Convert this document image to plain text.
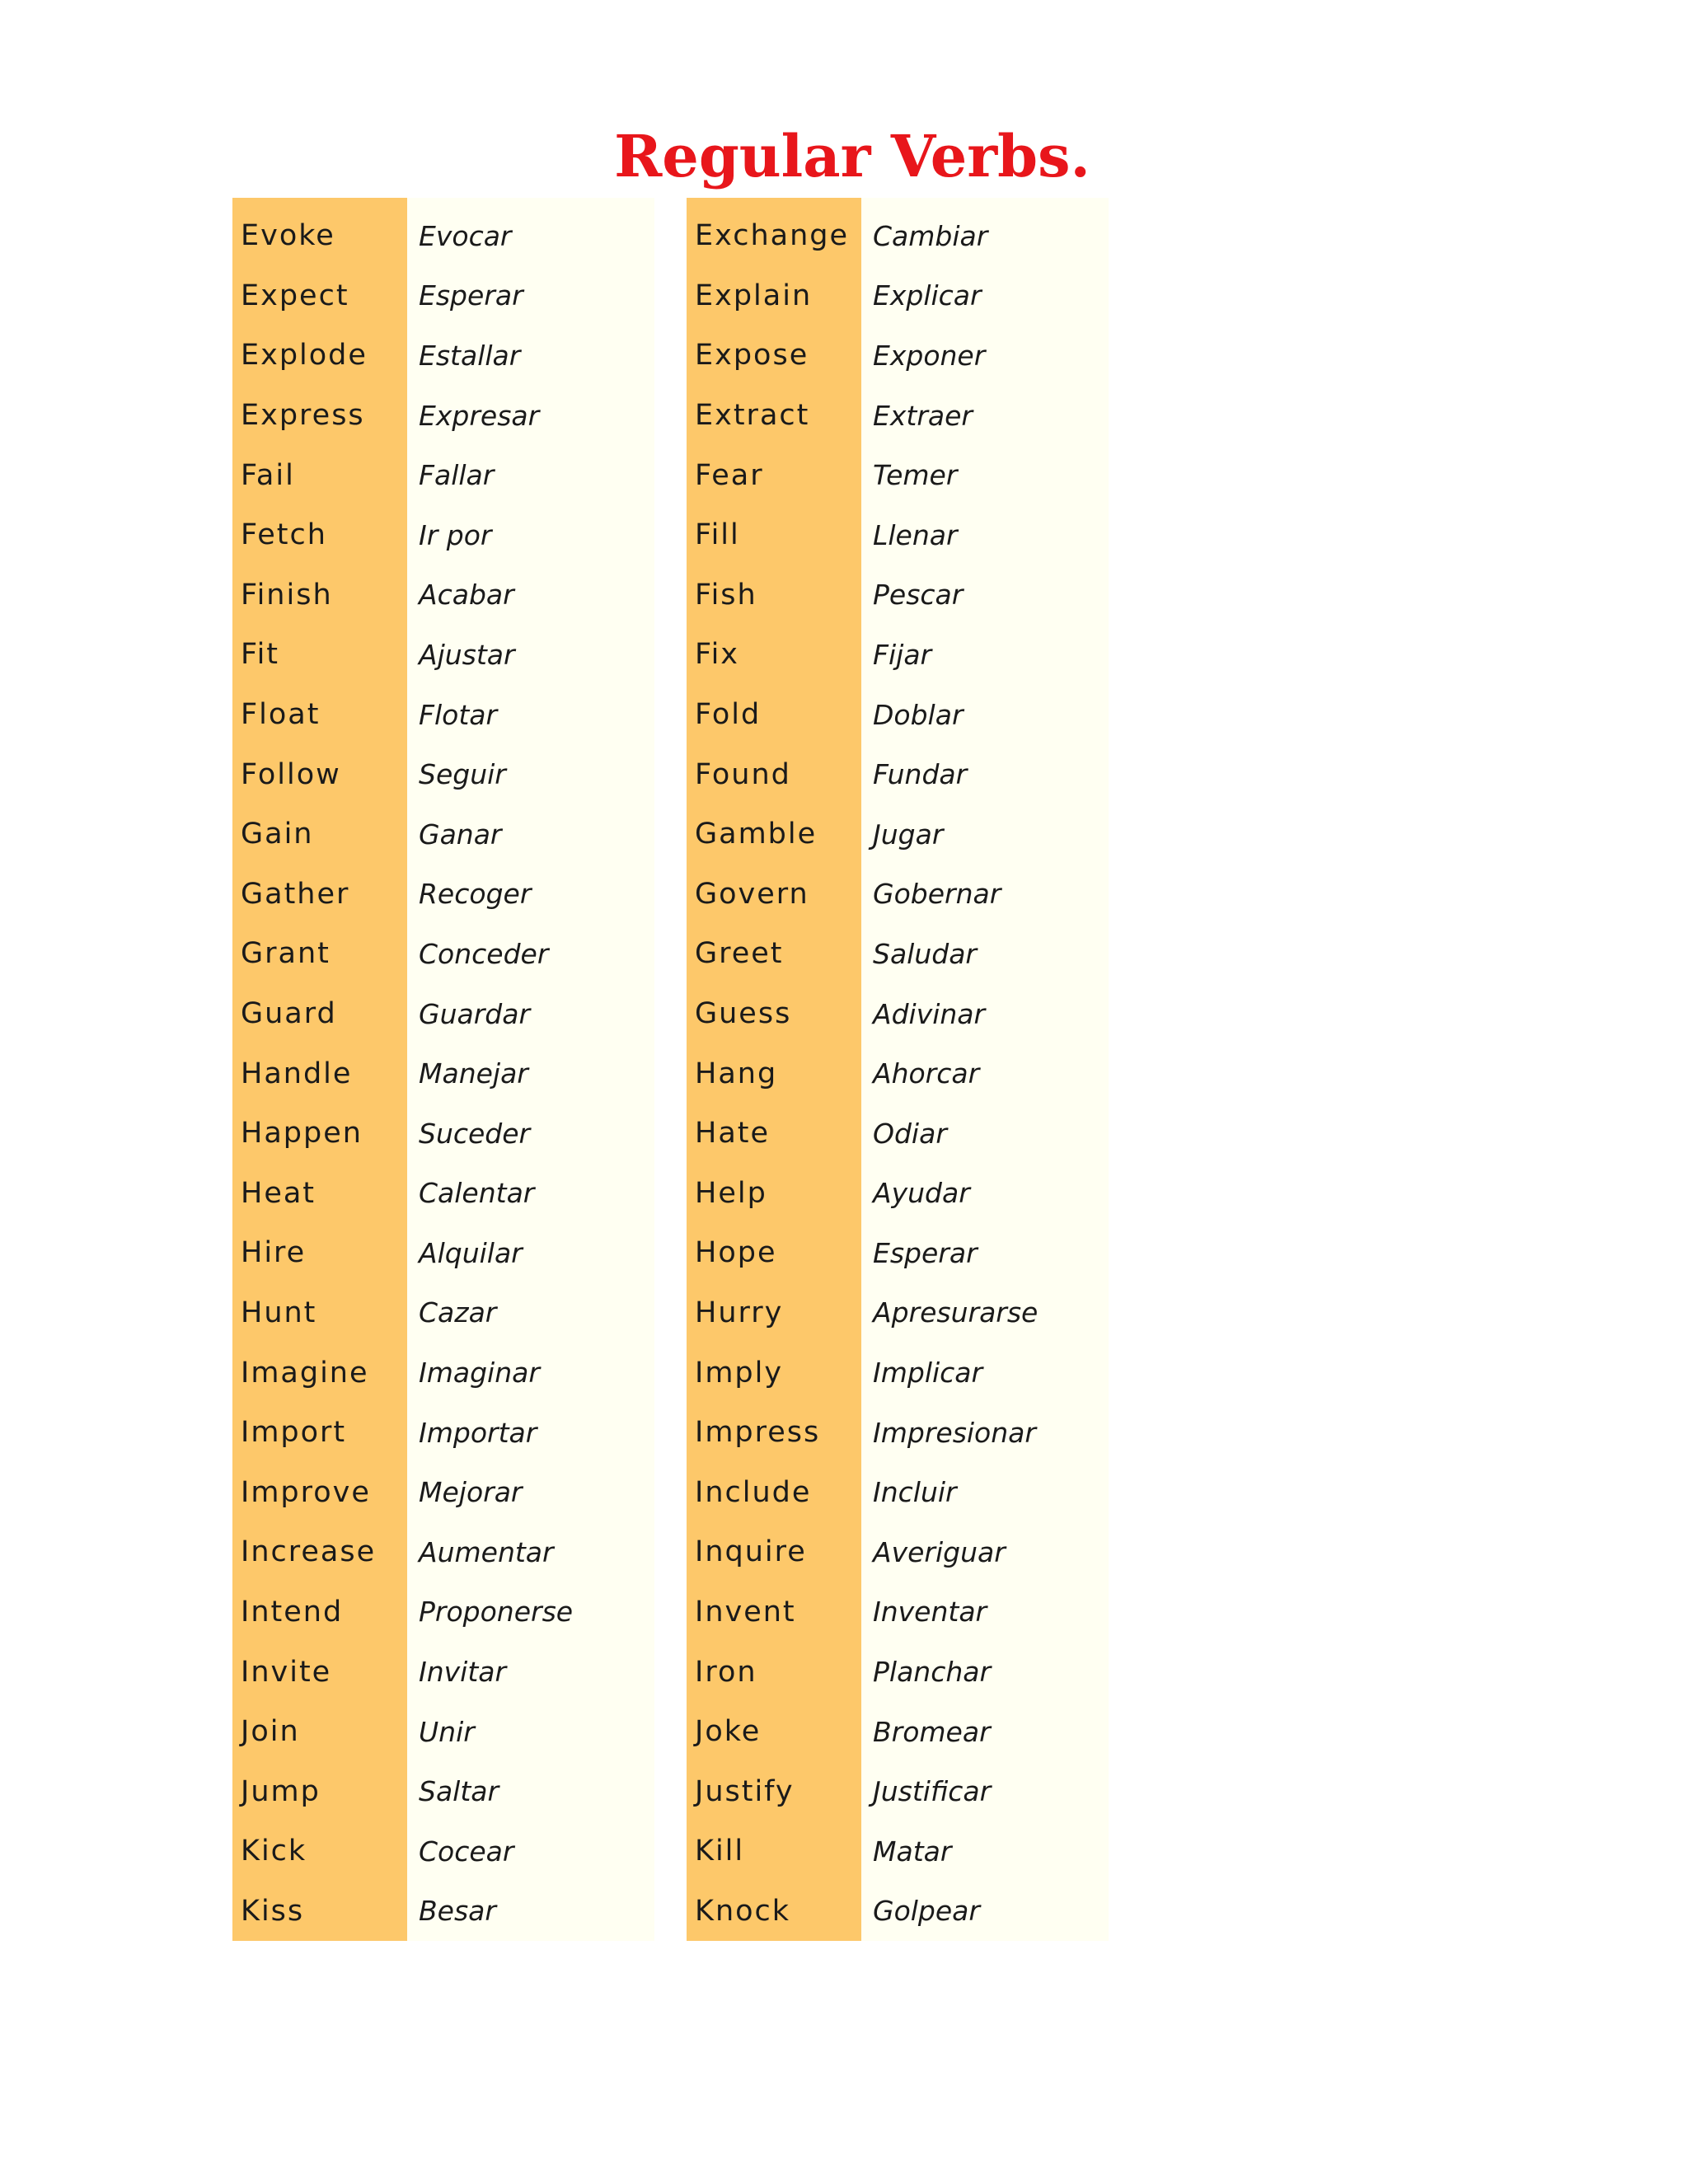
Regular Verbs.
Evoke
Expect
Explode
Express
Fail
Fetch
Finish
Fit
Float
Follow
Gain
Gather
Grant
Guard
Handle
Happen
Heat
Hire
Hunt
Imagine
Import
Improve
Increase
Intend
Invite
Join
Jump
Kick
Kiss
Evocar
Esperar
Estallar
Expresar
Fallar
Ir por
Acabar
Ajustar
Flotar
Seguir
Ganar
Recoger
Conceder
Guardar
Manejar
Suceder
Calentar
Alquilar
Cazar
Imaginar
Importar
Mejorar
Aumentar
Proponerse
Invitar
Unir
Saltar
Cocear
Besar
Exchange
Explain
Expose
Extract
Fear
Fill
Fish
Fix
Fold
Found
Gamble
Govern
Greet
Guess
Hang
Hate
Help
Hope
Hurry
Imply
Impress
Include
Inquire
Invent
Iron
Joke
Justify
Kill
Knock
Cambiar
Explicar
Exponer
Extraer
Temer
Llenar
Pescar
Fijar
Doblar
Fundar
Jugar
Gobernar
Saludar
Adivinar
Ahorcar
Odiar
Ayudar
Esperar
Apresurarse
Implicar
Impresionar
Incluir
Averiguar
Inventar
Planchar
Bromear
Justificar
Matar
Golpear
